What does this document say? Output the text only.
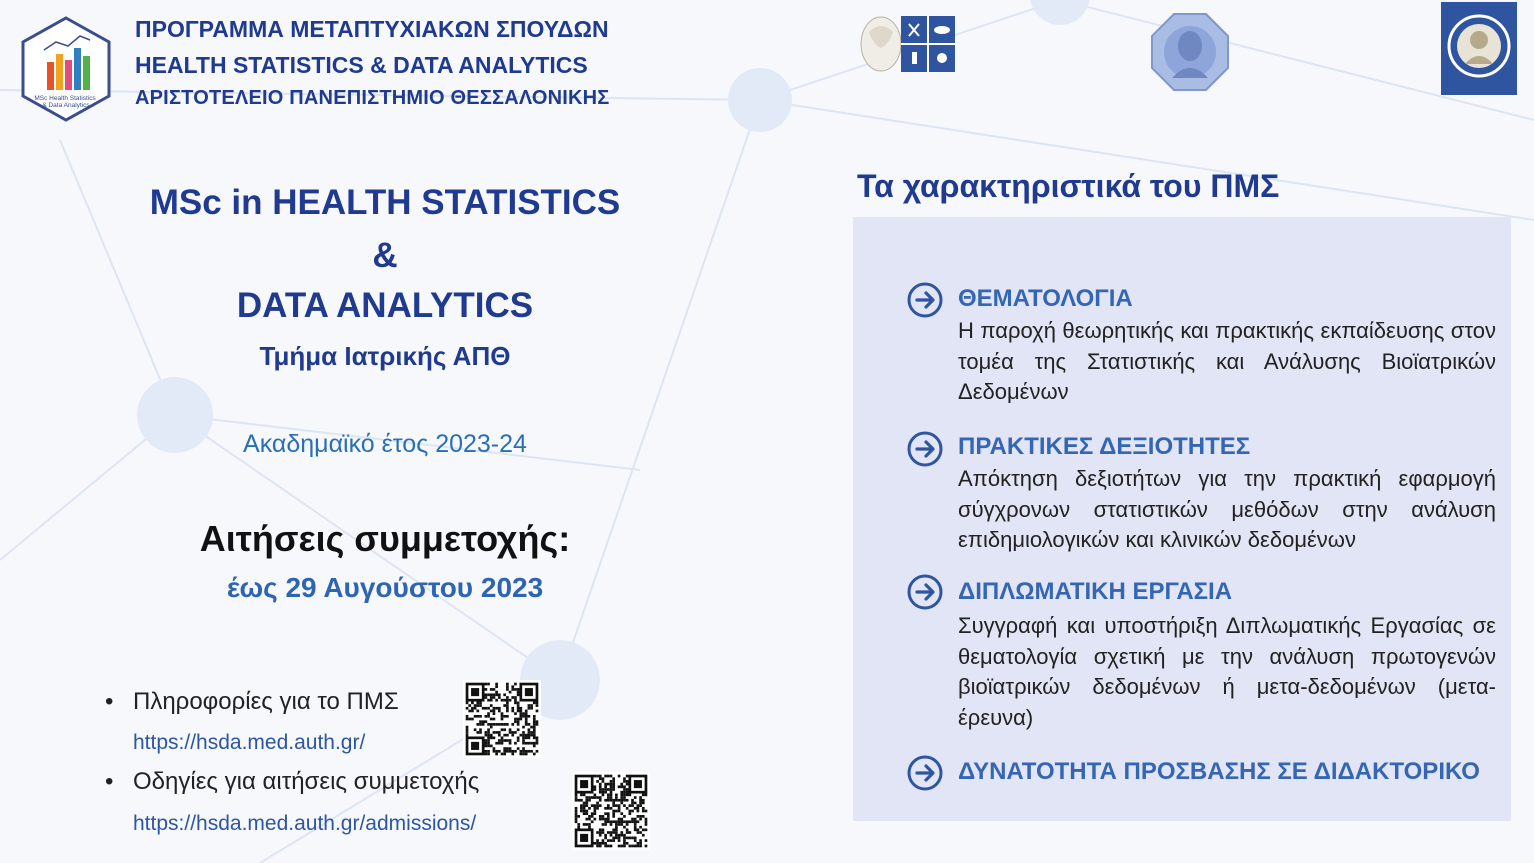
MSc Health Statistics & Data Analytics
ΠΡΟΓΡΑΜΜΑ ΜΕΤΑΠΤΥΧΙΑΚΩΝ ΣΠΟΥΔΩΝ
HEALTH STATISTICS & DATA ANALYTICS
ΑΡΙΣΤΟΤΕΛΕΙΟ ΠΑΝΕΠΙΣΤΗΜΙΟ ΘΕΣΣΑΛΟΝΙΚΗΣ
MSc in HEALTH STATISTICS
&
DATA ANALYTICS
Τμήμα Ιατρικής ΑΠΘ
Ακαδημαϊκό έτος 2023-24
Αιτήσεις συμμετοχής:
έως 29 Αυγούστου 2023
• Πληροφορίες για το ΠΜΣ
https://hsda.med.auth.gr/
• Οδηγίες για αιτήσεις συμμετοχής
https://hsda.med.auth.gr/admissions/
Τα χαρακτηριστικά του ΠΜΣ
ΘΕΜΑΤΟΛΟΓΙΑ
Η παροχή θεωρητικής και πρακτικής εκπαίδευσης στον τομέα της Στατιστικής και Ανάλυσης Βιοϊατρικών Δεδομένων
ΠΡΑΚΤΙΚΕΣ ΔΕΞΙΟΤΗΤΕΣ
Απόκτηση δεξιοτήτων για την πρακτική εφαρμογή σύγχρονων στατιστικών μεθόδων στην ανάλυση επιδημιολογικών και κλινικών δεδομένων
ΔΙΠΛΩΜΑΤΙΚΗ ΕΡΓΑΣΙΑ
Συγγραφή και υποστήριξη Διπλωματικής Εργασίας σε θεματολογία σχετική με την ανάλυση πρωτογενών βιοϊατρικών δεδομένων ή μετα-δεδομένων (μετα-έρευνα)
ΔΥΝΑΤΟΤΗΤΑ ΠΡΟΣΒΑΣΗΣ ΣΕ ΔΙΔΑΚΤΟΡΙΚΟ
